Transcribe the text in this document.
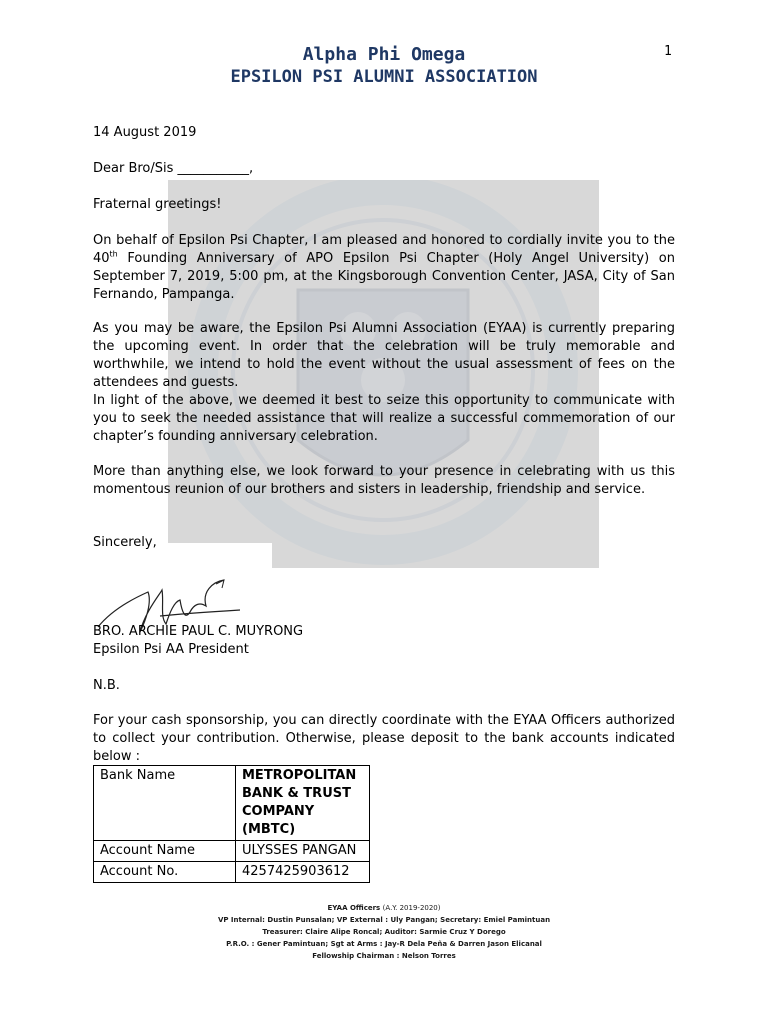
1
Alpha Phi Omega
EPSILON PSI ALUMNI ASSOCIATION
14 August 2019
Dear Bro/Sis ___________,
Fraternal greetings!
On behalf of Epsilon Psi Chapter, I am pleased and honored to cordially invite you to the 40th Founding Anniversary of APO Epsilon Psi Chapter (Holy Angel University) on September 7, 2019, 5:00 pm, at the Kingsborough Convention Center, JASA, City of San Fernando, Pampanga.
As you may be aware, the Epsilon Psi Alumni Association (EYAA) is currently preparing the upcoming event. In order that the celebration will be truly memorable and worthwhile, we intend to hold the event without the usual assessment of fees on the attendees and guests.
In light of the above, we deemed it best to seize this opportunity to communicate with you to seek the needed assistance that will realize a successful commemoration of our chapter’s founding anniversary celebration.
More than anything else, we look forward to your presence in celebrating with us this momentous reunion of our brothers and sisters in leadership, friendship and service.
Sincerely,
BRO. ARCHIE PAUL C. MUYRONG
Epsilon Psi AA President
N.B.
For your cash sponsorship, you can directly coordinate with the EYAA Officers authorized to collect your contribution. Otherwise, please deposit to the bank accounts indicated below :
Bank Name	METROPOLITAN BANK & TRUST COMPANY (MBTC)
Account Name	ULYSSES PANGAN
Account No.	4257425903612
EYAA Officers (A.Y. 2019-2020)
VP Internal: Dustin Punsalan; VP External : Uly Pangan; Secretary: Emiel Pamintuan
Treasurer: Claire Alipe Roncal; Auditor: Sarmie Cruz Y Dorego
P.R.O. : Gener Pamintuan; Sgt at Arms : Jay-R Dela Peña & Darren Jason Elicanal
Fellowship Chairman : Nelson Torres
